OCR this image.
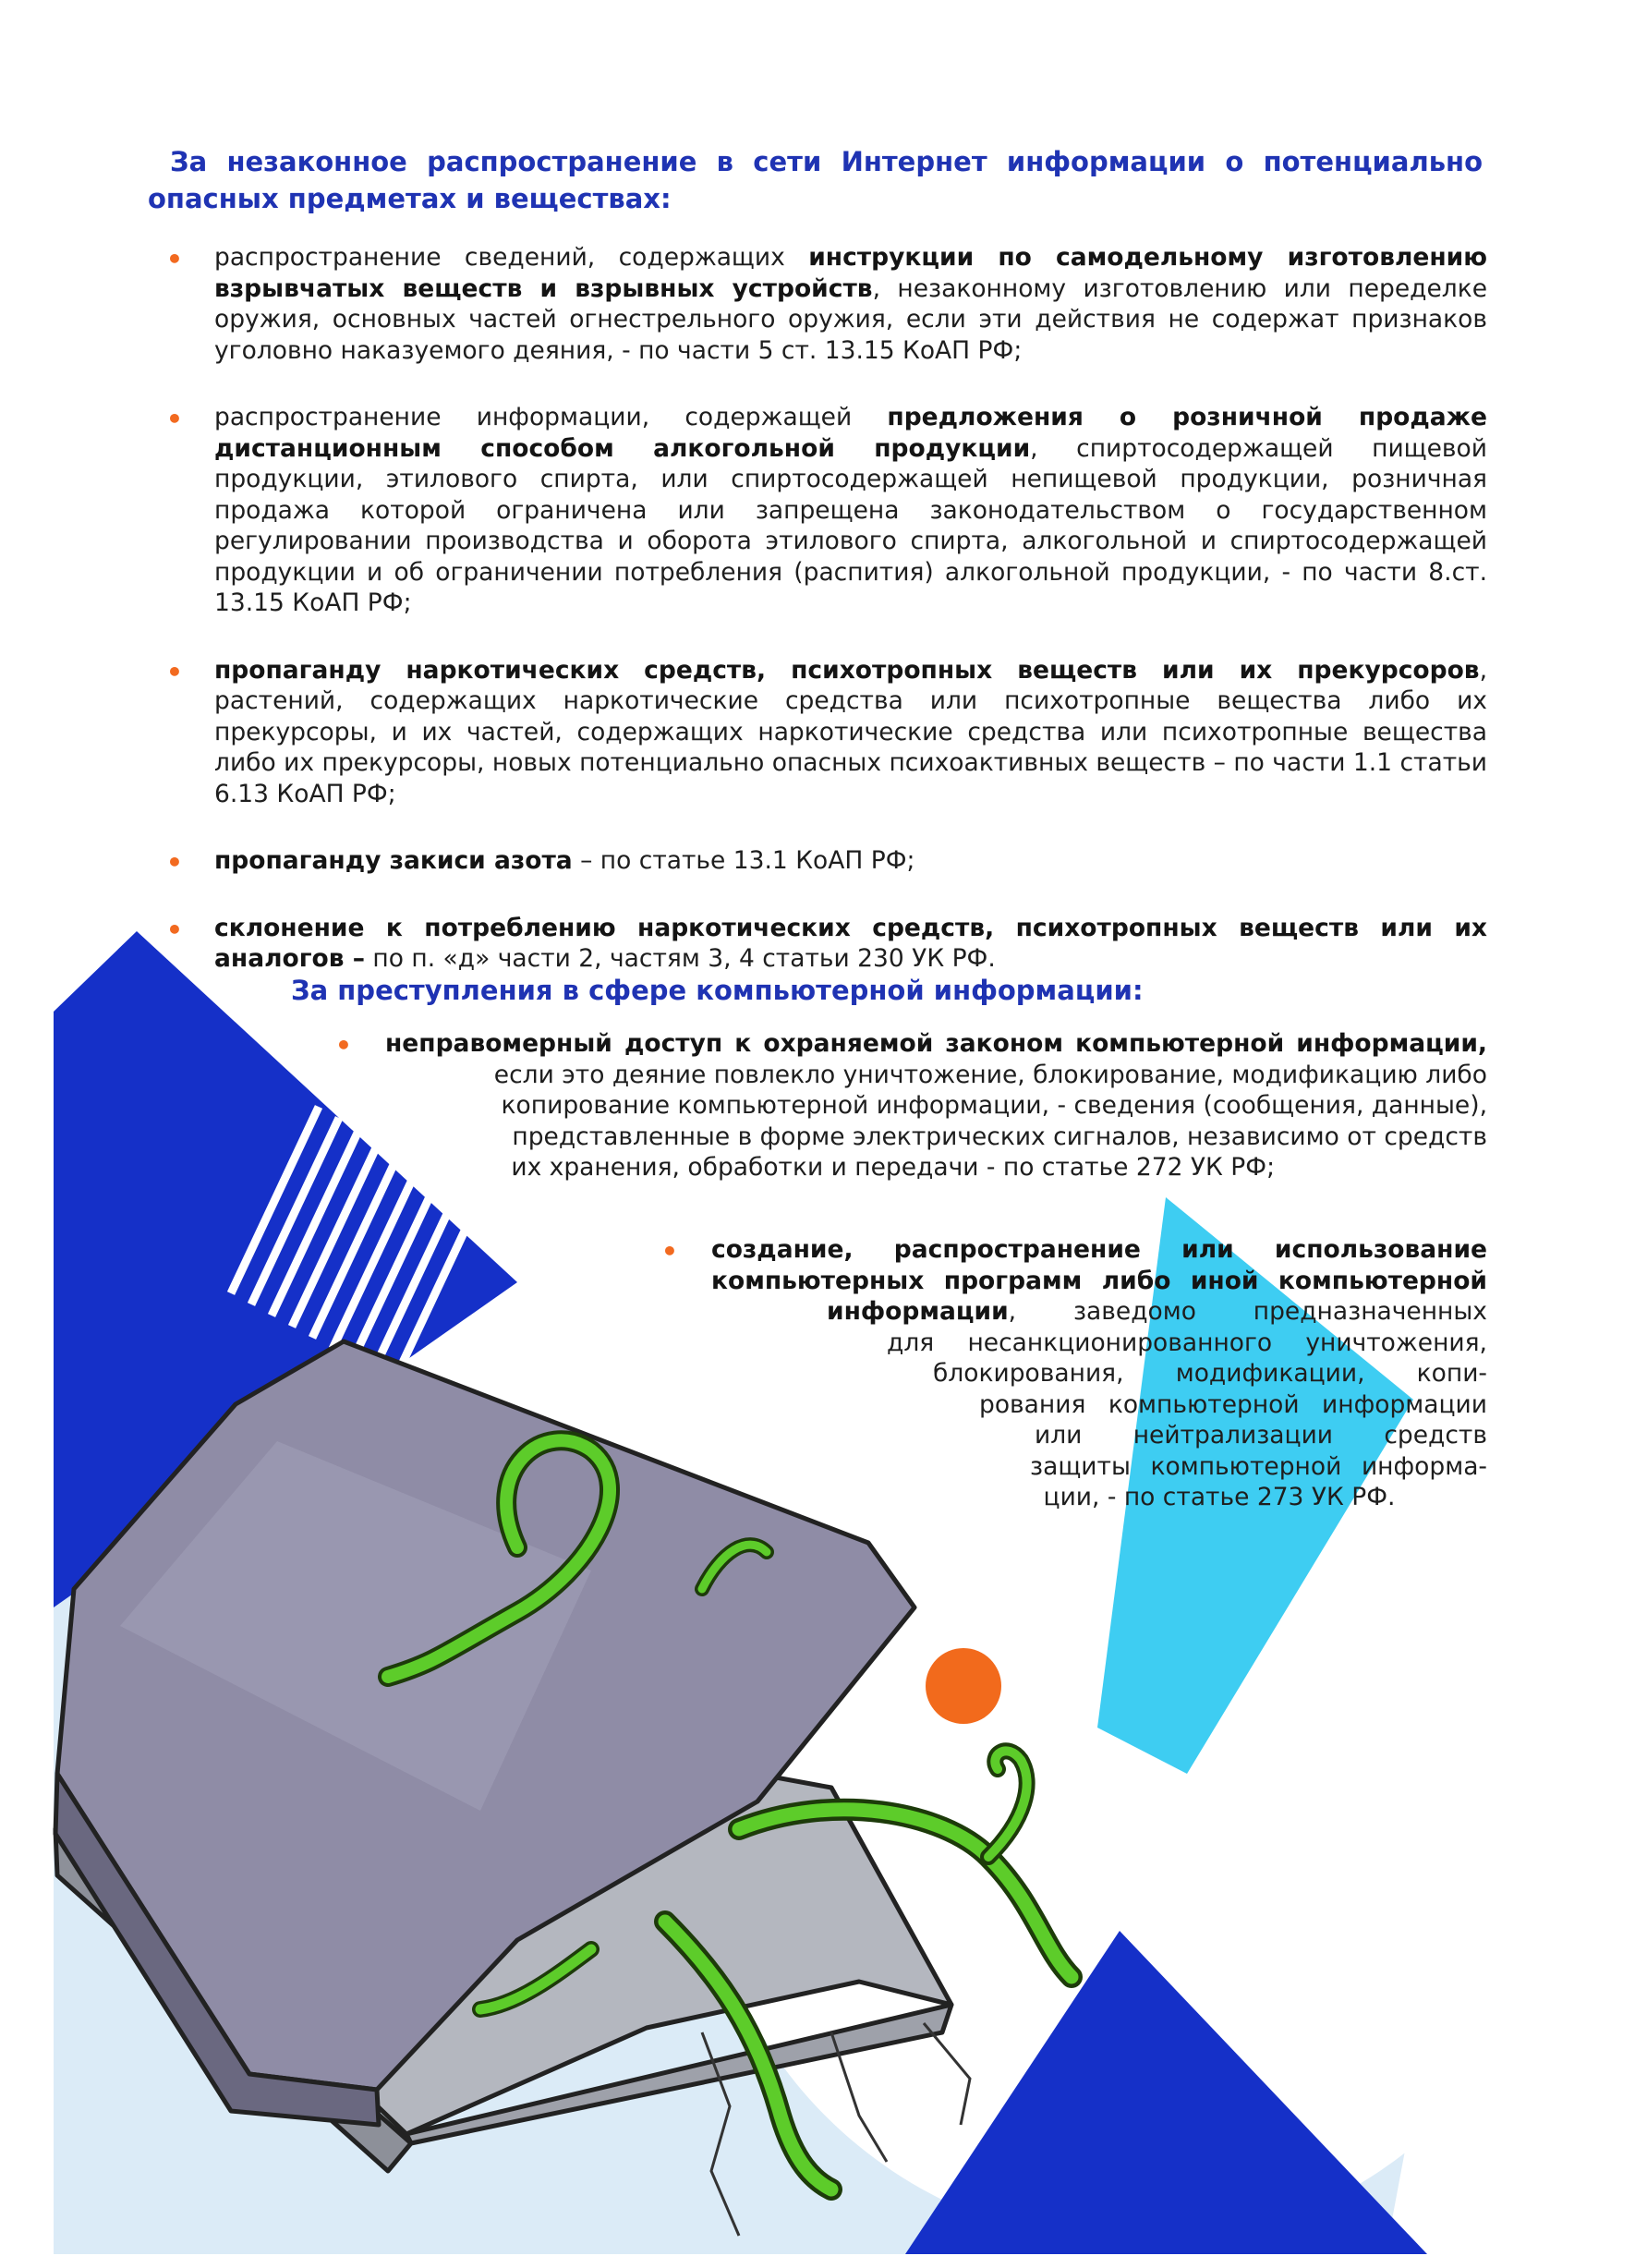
За незаконное распространение в сети Интернет информации о потенциально опасных предметах и веществах:
• распространение сведений, содержащих инструкции по самодельному изготовлению взрывчатых веществ и взрывных устройств, незаконному изготовлению или переделке оружия, основных частей огнестрельного оружия, если эти действия не содержат признаков уголовно наказуемого деяния, - по части 5 ст. 13.15 КоАП РФ;
• распространение информации, содержащей предложения о розничной продаже дистанционным способом алкогольной продукции, спиртосодержащей пищевой продукции, этилового спирта, или спиртосодержащей непищевой продукции, розничная продажа которой ограничена или запрещена законодательством о государственном регулировании производства и оборота этилового спирта, алкогольной и спиртосодержащей продукции и об ограничении потребления (распития) алкогольной продукции, - по части 8.ст. 13.15 КоАП РФ;
• пропаганду наркотических средств, психотропных веществ или их прекурсоров, растений, содержащих наркотические средства или психотропные вещества либо их прекурсоры, и их частей, содержащих наркотические средства или психотропные вещества либо их прекурсоры, новых потенциально опасных психоактивных веществ – по части 1.1 статьи 6.13 КоАП РФ;
• пропаганду закиси азота – по статье 13.1 КоАП РФ;
• склонение к потреблению наркотических средств, психотропных веществ или их аналогов – по п. «д» части 2, частям 3, 4 статьи 230 УК РФ.
За преступления в сфере компьютерной информации:
• неправомерный доступ к охраняемой законом компьютерной информации,
если это деяние повлекло уничтожение, блокирование, модификацию либо
копирование компьютерной информации, - сведения (сообщения, данные),
представленные в форме электрических сигналов, независимо от средств
их хранения, обработки и передачи - по статье 272 УК РФ;
• создание, распространение или использование
компьютерных программ либо иной компьютерной
информации, заведомо предназначенных
для несанкционированного уничтожения,
блокирования, модификации, копи-
рования компьютерной информации
или нейтрализации средств
защиты компьютерной информа-
ции, - по статье 273 УК РФ.
